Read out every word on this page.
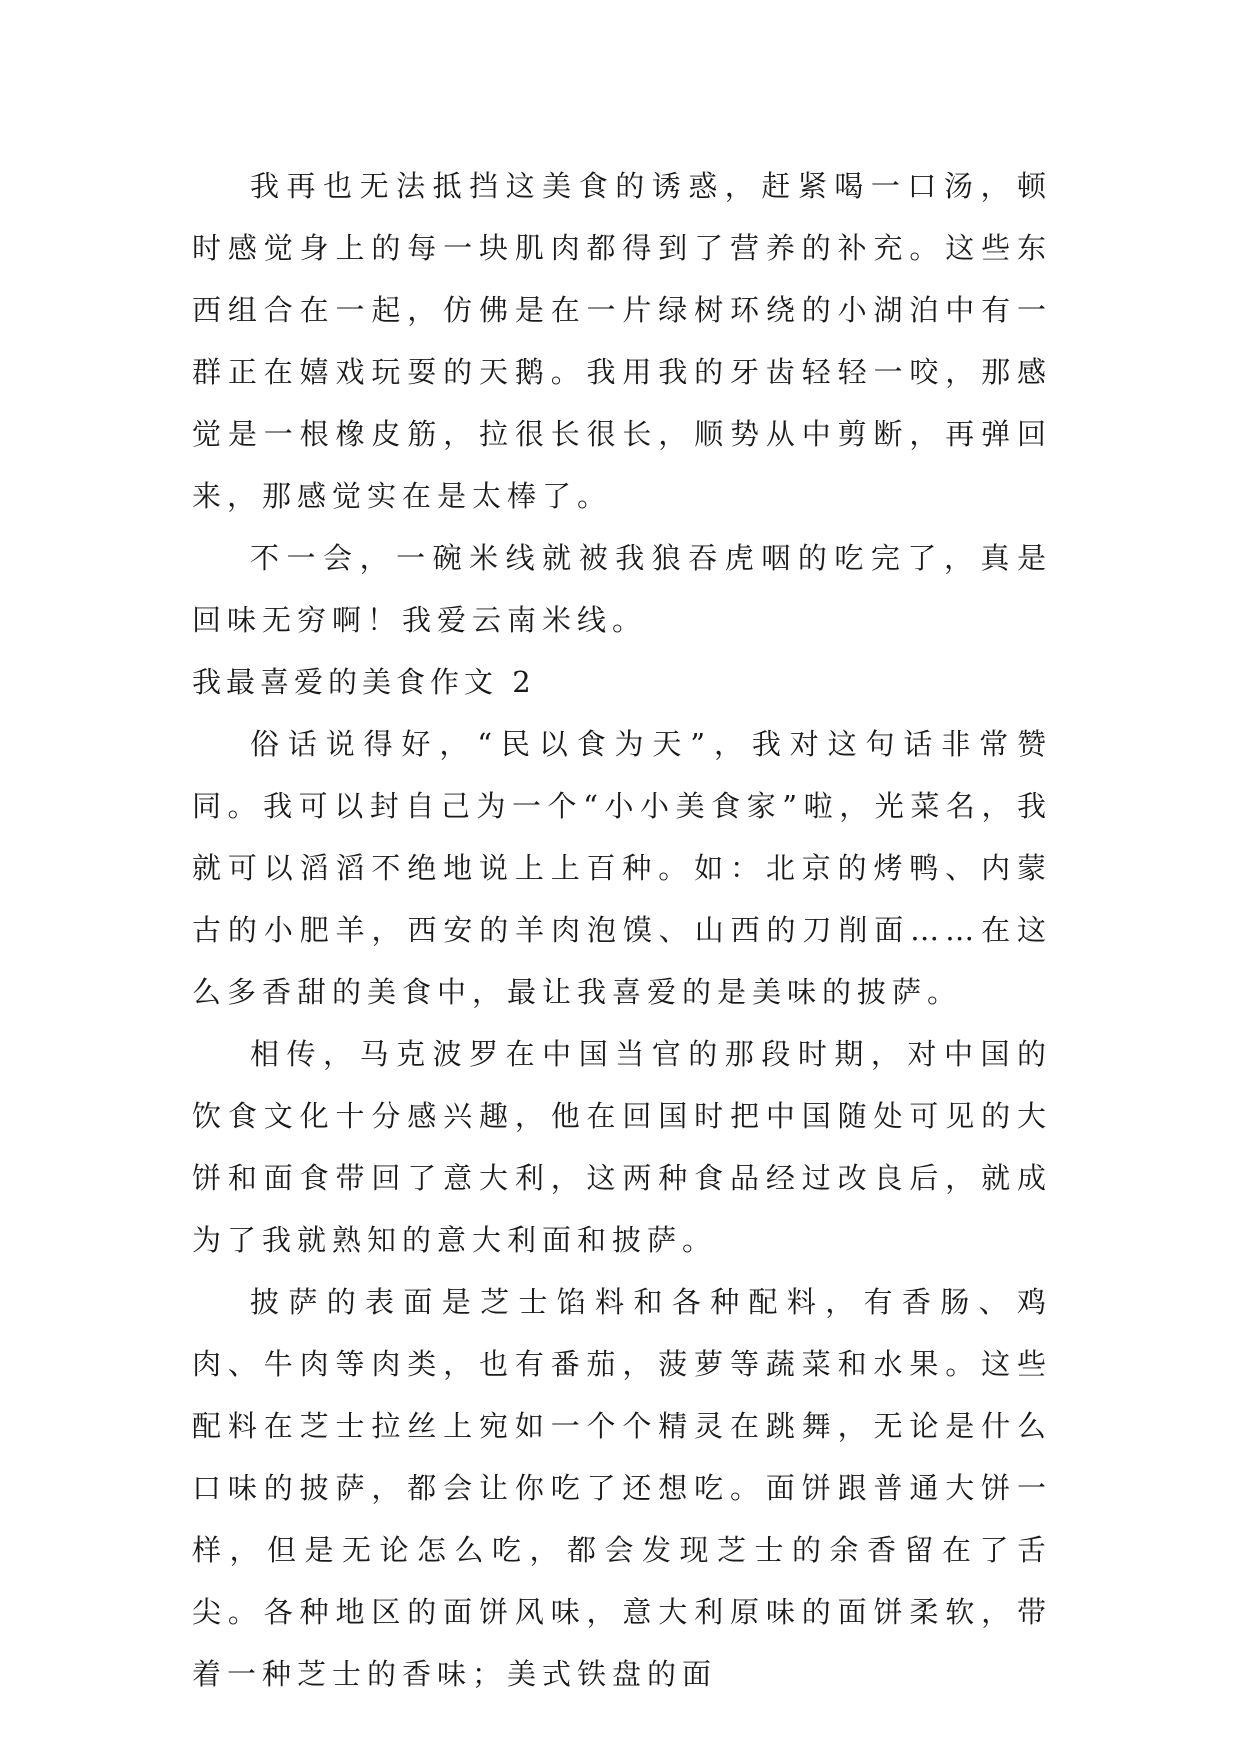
我再也无法抵挡这美食的诱惑，赶紧喝一口汤，顿时感觉身上的每一块肌肉都得到了营养的补充。这些东西组合在一起，仿佛是在一片绿树环绕的小湖泊中有一群正在嬉戏玩耍的天鹅。我用我的牙齿轻轻一咬，那感觉是一根橡皮筋，拉很长很长，顺势从中剪断，再弹回来，那感觉实在是太棒了。

不一会，一碗米线就被我狼吞虎咽的吃完了，真是回味无穷啊！我爱云南米线。

我最喜爱的美食作文 2

俗话说得好，“民以食为天”，我对这句话非常赞同。我可以封自己为一个“小小美食家”啦，光菜名，我就可以滔滔不绝地说上上百种。如：北京的烤鸭、内蒙古的小肥羊，西安的羊肉泡馍、山西的刀削面……在这么多香甜的美食中，最让我喜爱的是美味的披萨。

相传，马克波罗在中国当官的那段时期，对中国的饮食文化十分感兴趣，他在回国时把中国随处可见的大饼和面食带回了意大利，这两种食品经过改良后，就成为了我就熟知的意大利面和披萨。

披萨的表面是芝士馅料和各种配料，有香肠、鸡肉、牛肉等肉类，也有番茄，菠萝等蔬菜和水果。这些配料在芝士拉丝上宛如一个个精灵在跳舞，无论是什么口味的披萨，都会让你吃了还想吃。面饼跟普通大饼一样，但是无论怎么吃，都会发现芝士的余香留在了舌尖。各种地区的面饼风味，意大利原味的面饼柔软，带着一种芝士的香味；美式铁盘的面
